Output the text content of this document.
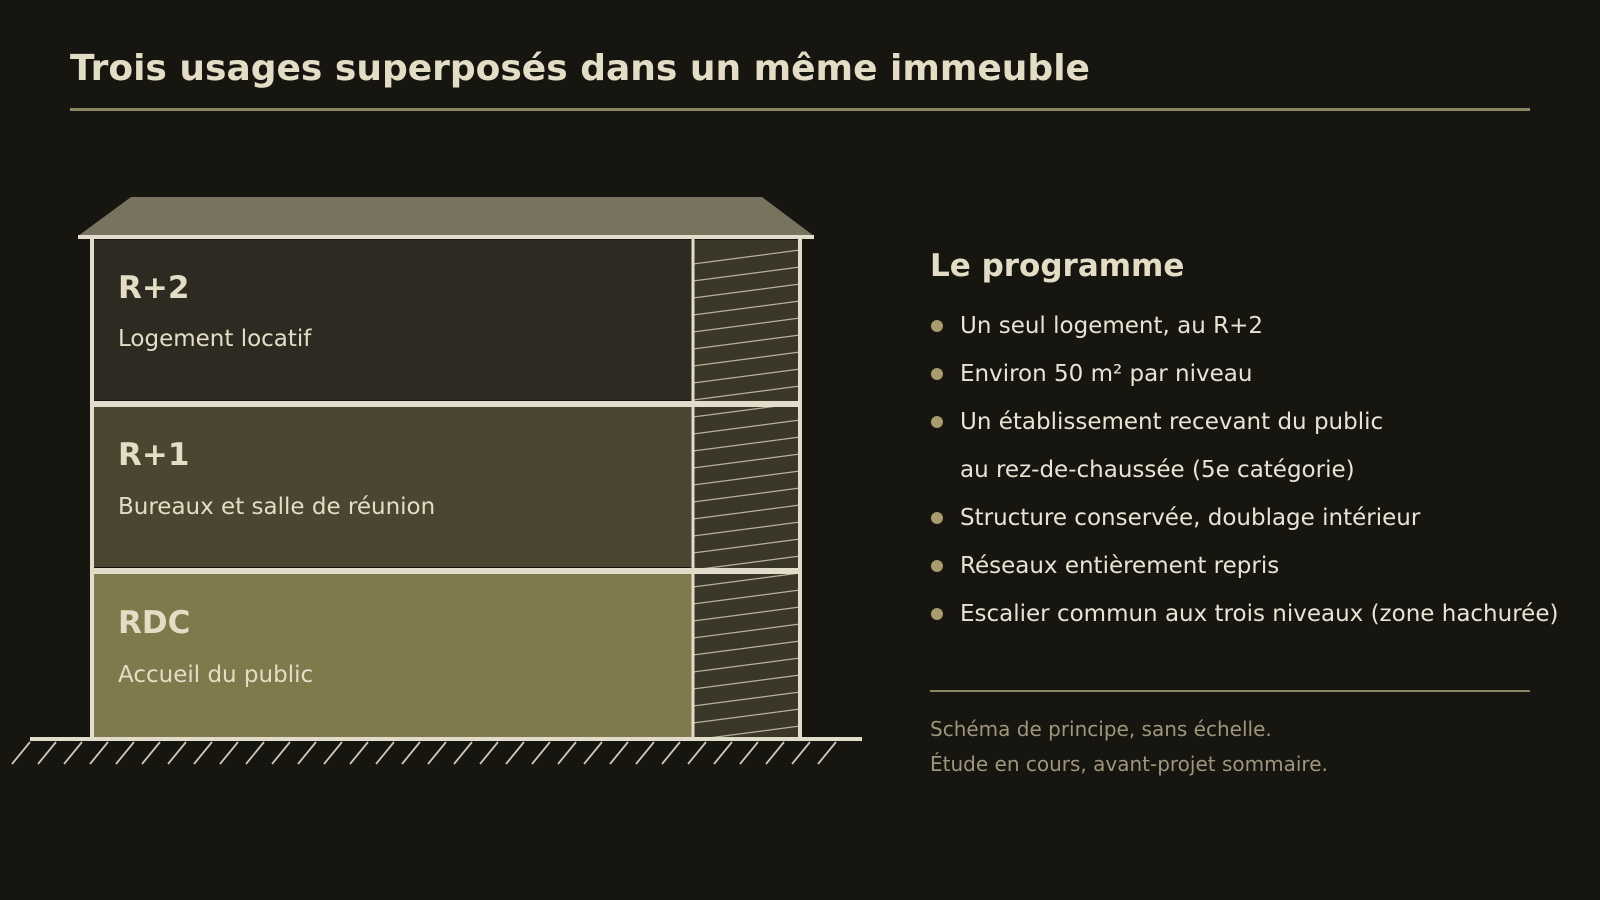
Trois usages superposés dans un même immeuble
R+2
Logement locatif
R+1
Bureaux et salle de réunion
RDC
Accueil du public
Le programme
Un seul logement, au R+2
Environ 50 m² par niveau
Un établissement recevant du public
au rez-de-chaussée (5e catégorie)
Structure conservée, doublage intérieur
Réseaux entièrement repris
Escalier commun aux trois niveaux (zone hachurée)
Schéma de principe, sans échelle.
Étude en cours, avant-projet sommaire.
